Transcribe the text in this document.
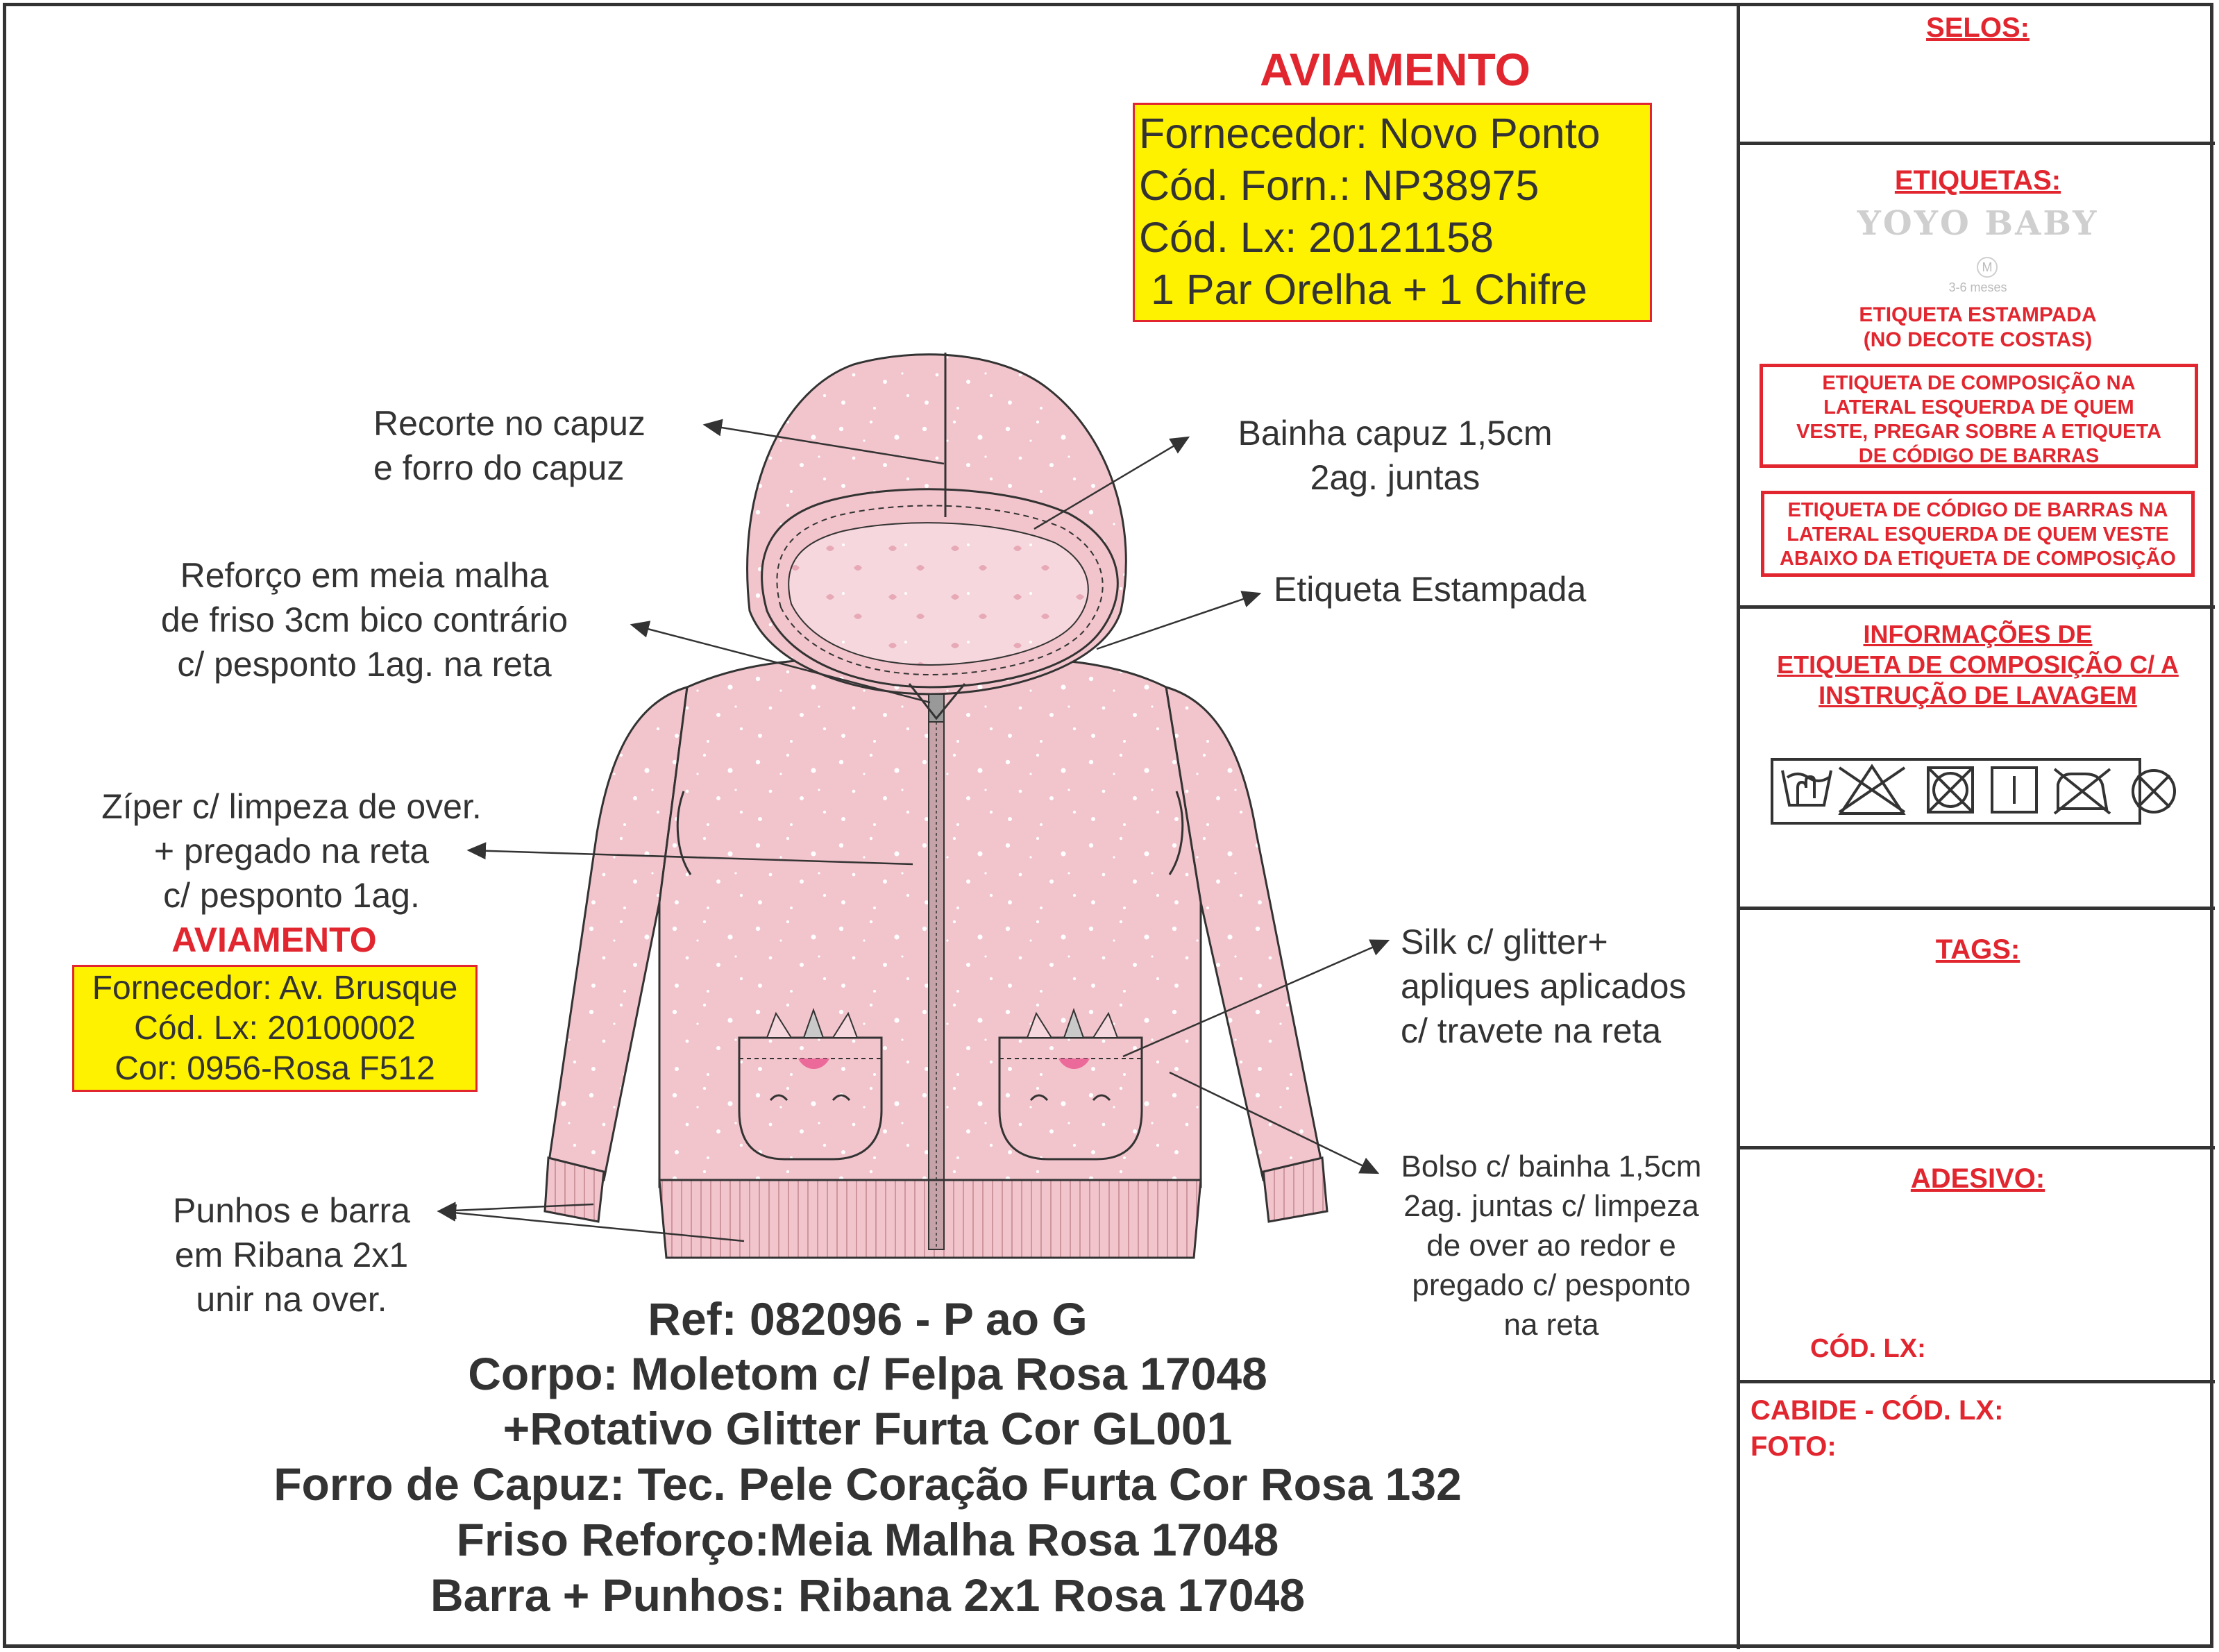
AVIAMENTO
Fornecedor: Novo Ponto
Cód. Forn.: NP38975
Cód. Lx: 20121158
1 Par Orelha + 1 Chifre
AVIAMENTO
Fornecedor: Av. Brusque
Cód. Lx: 20100002
Cor: 0956-Rosa F512
Recorte no capuz
e forro do capuz
Bainha capuz 1,5cm
2ag. juntas
Reforço em meia malha
de friso 3cm bico contrário
c/ pesponto 1ag. na reta
Etiqueta Estampada
Zíper c/ limpeza de over.
+ pregado na reta
c/ pesponto 1ag.
Silk c/ glitter+
apliques aplicados
c/ travete na reta
Bolso c/ bainha 1,5cm
2ag. juntas c/ limpeza
de over ao redor e
pregado c/ pesponto
na reta
Punhos e barra
em Ribana 2x1
unir na over.	Ref: 082096 - P ao G
Corpo: Moletom c/ Felpa Rosa 17048
+Rotativo Glitter Furta Cor GL001
Forro de Capuz: Tec. Pele Coração Furta Cor Rosa 132
Friso Reforço:Meia Malha Rosa 17048
Barra + Punhos: Ribana 2x1 Rosa 17048
SELOS:
ETIQUETAS:
YOYO BABY
M
3-6 meses
ETIQUETA ESTAMPADA
(NO DECOTE COSTAS)
ETIQUETA DE COMPOSIÇÃO NA
LATERAL ESQUERDA DE QUEM
VESTE, PREGAR SOBRE A ETIQUETA
DE CÓDIGO DE BARRAS
ETIQUETA DE CÓDIGO DE BARRAS NA
LATERAL ESQUERDA DE QUEM VESTE
ABAIXO DA ETIQUETA DE COMPOSIÇÃO
INFORMAÇÕES DE
ETIQUETA DE COMPOSIÇÃO C/ A
INSTRUÇÃO DE LAVAGEM
TAGS:
ADESIVO:
CÓD. LX:
CABIDE - CÓD. LX:
FOTO:
